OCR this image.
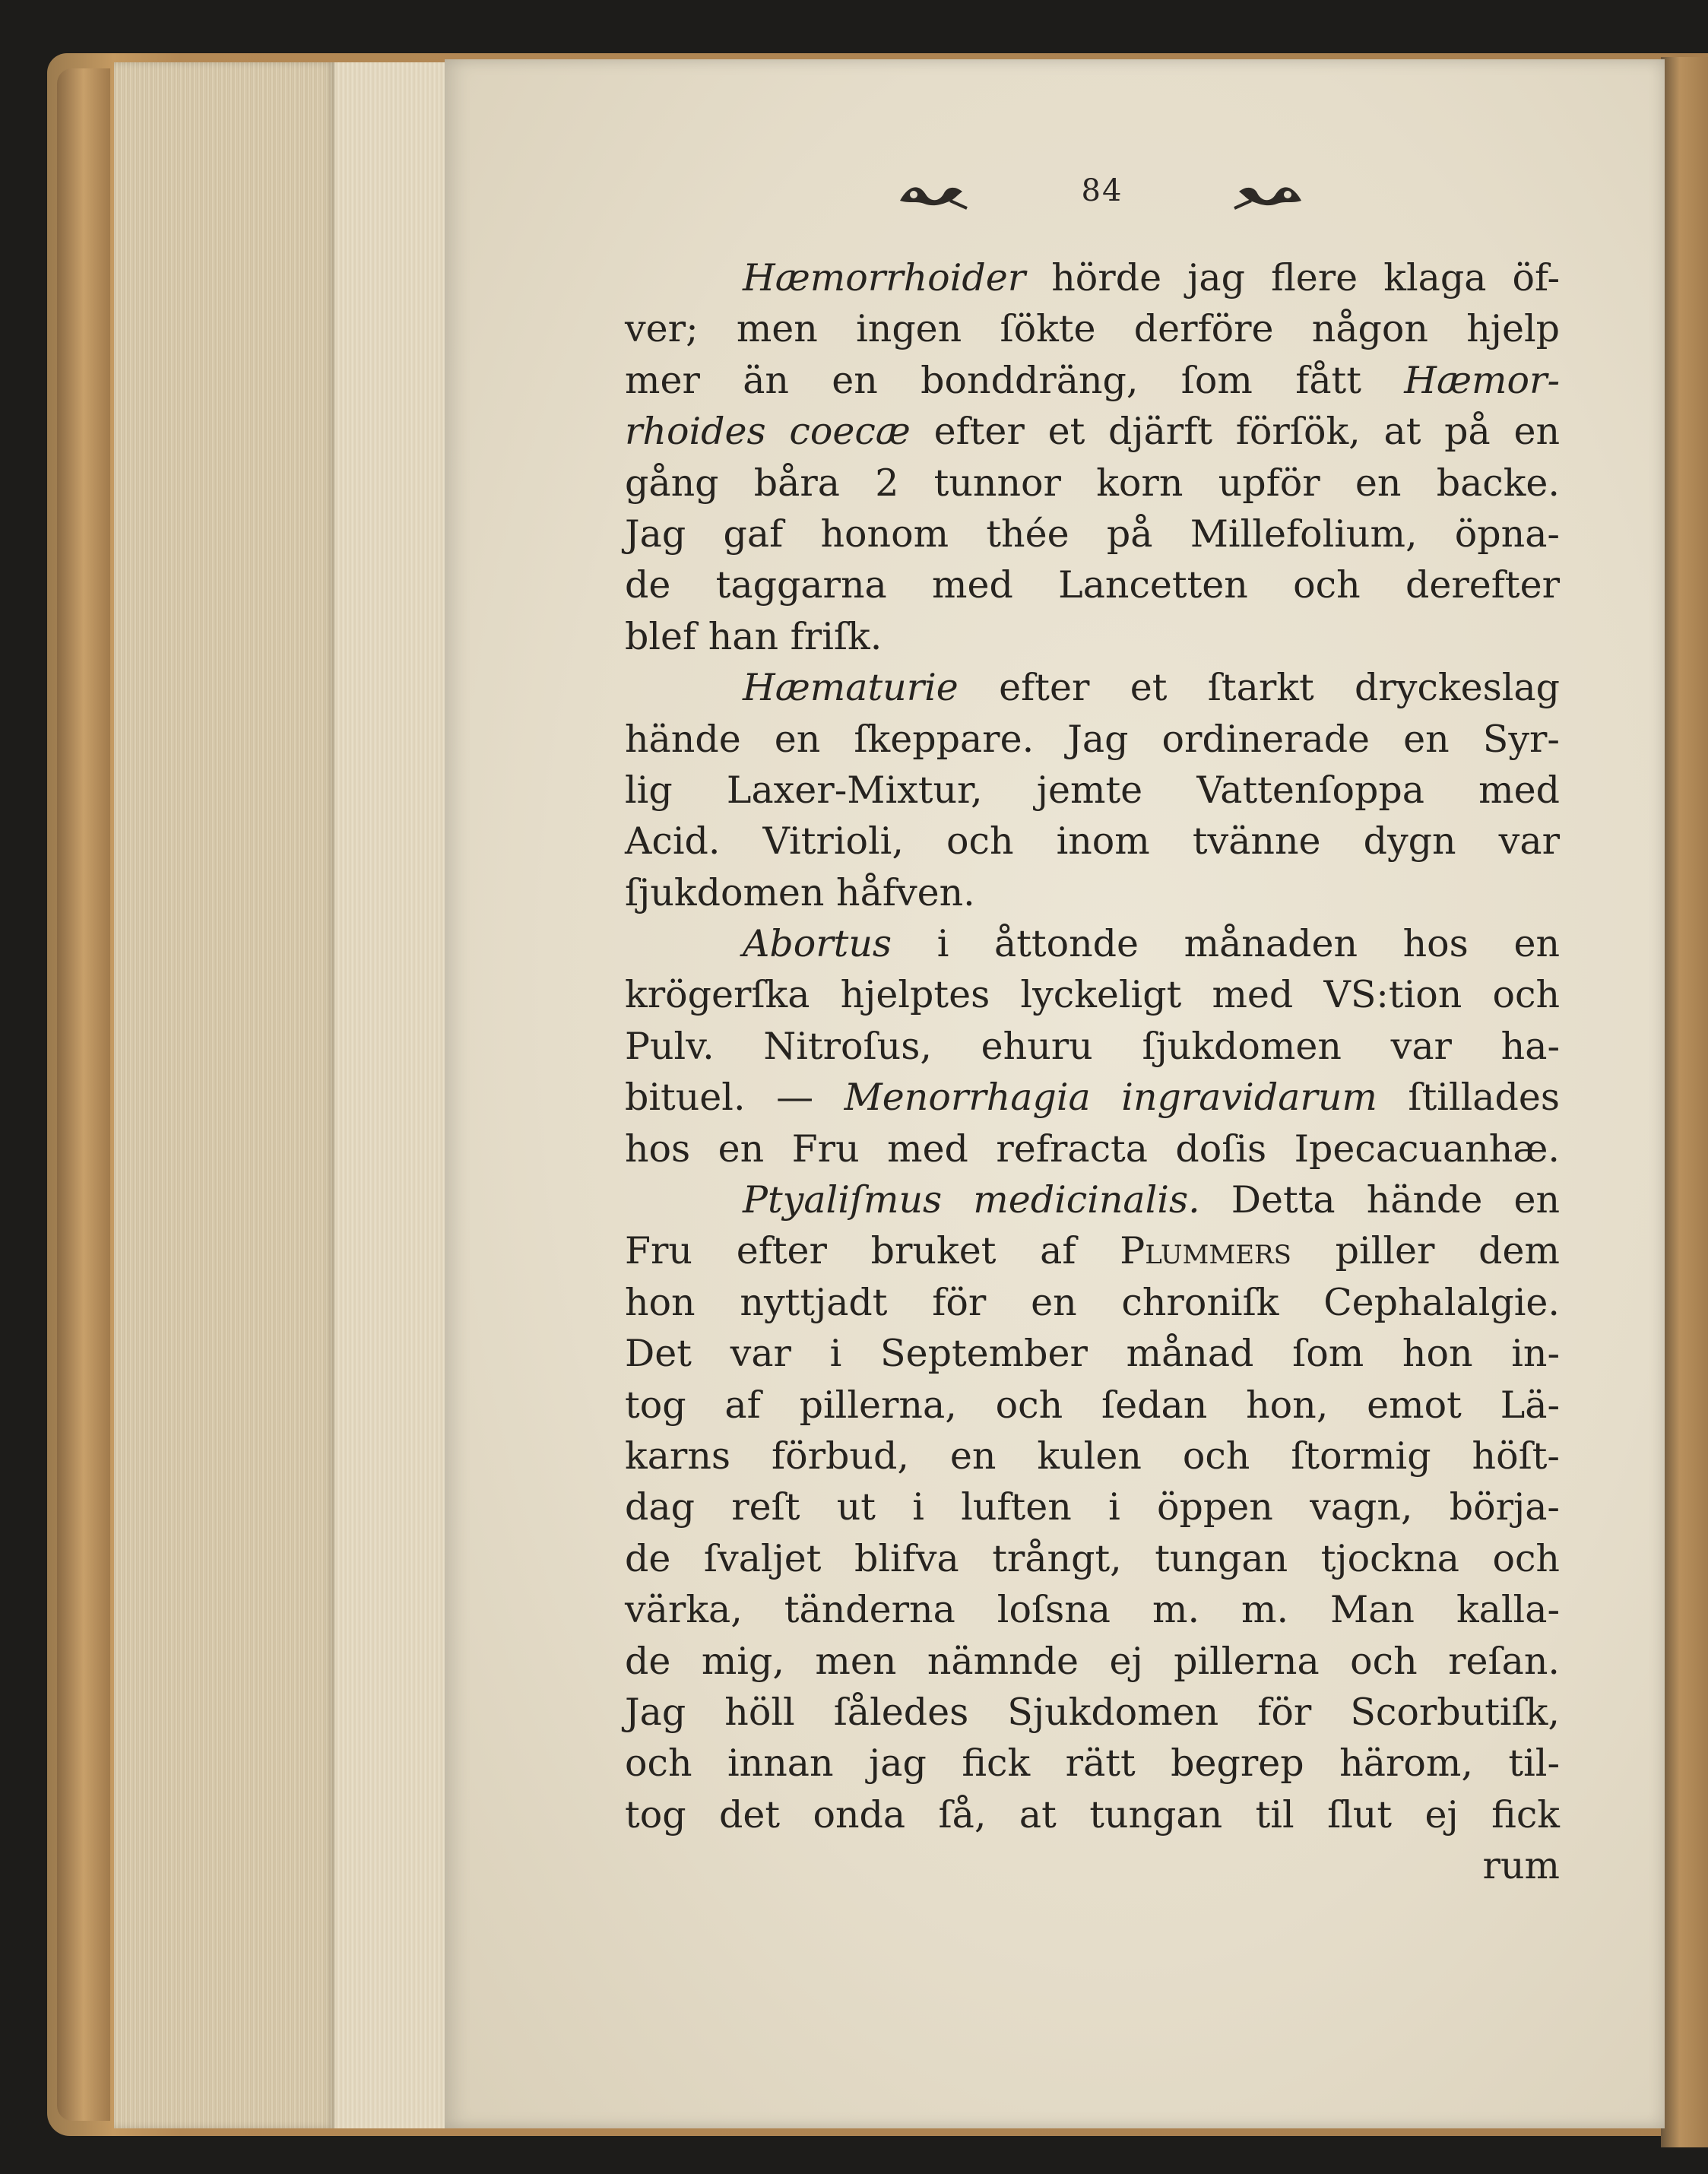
84
Hæmorrhoider hörde jag flere klaga öf-
ver; men ingen ſökte derföre någon hjelp
mer än en bonddräng, ſom fått Hæmor-
rhoides coecæ efter et djärft förſök, at på en
gång båra 2 tunnor korn upför en backe.
Jag gaf honom thée på Millefolium, öpna-
de taggarna med Lancetten och derefter
blef han friſk.
Hæmaturie efter et ſtarkt dryckeslag
hände en ſkeppare. Jag ordinerade en Syr-
lig Laxer-Mixtur, jemte Vattenſoppa med
Acid. Vitrioli, och inom tvänne dygn var
ſjukdomen håfven.
Abortus i åttonde månaden hos en
krögerſka hjelptes lyckeligt med VS:tion och
Pulv. Nitroſus, ehuru ſjukdomen var ha-
bituel. — Menorrhagia ingravidarum ſtillades
hos en Fru med refracta doſis Ipecacuanhæ.
Ptyaliſmus medicinalis. Detta hände en
Fru efter bruket af Plummers piller dem
hon nyttjadt för en chroniſk Cephalalgie.
Det var i September månad ſom hon in-
tog af pillerna, och ſedan hon, emot Lä-
karns förbud, en kulen och ſtormig höſt-
dag reſt ut i luften i öppen vagn, börja-
de ſvaljet blifva trångt, tungan tjockna och
värka, tänderna loſsna m. m. Man kalla-
de mig, men nämnde ej pillerna och reſan.
Jag höll ſåledes Sjukdomen för Scorbutiſk,
och innan jag fick rätt begrep härom, til-
tog det onda ſå, at tungan til ſlut ej fick
rum
